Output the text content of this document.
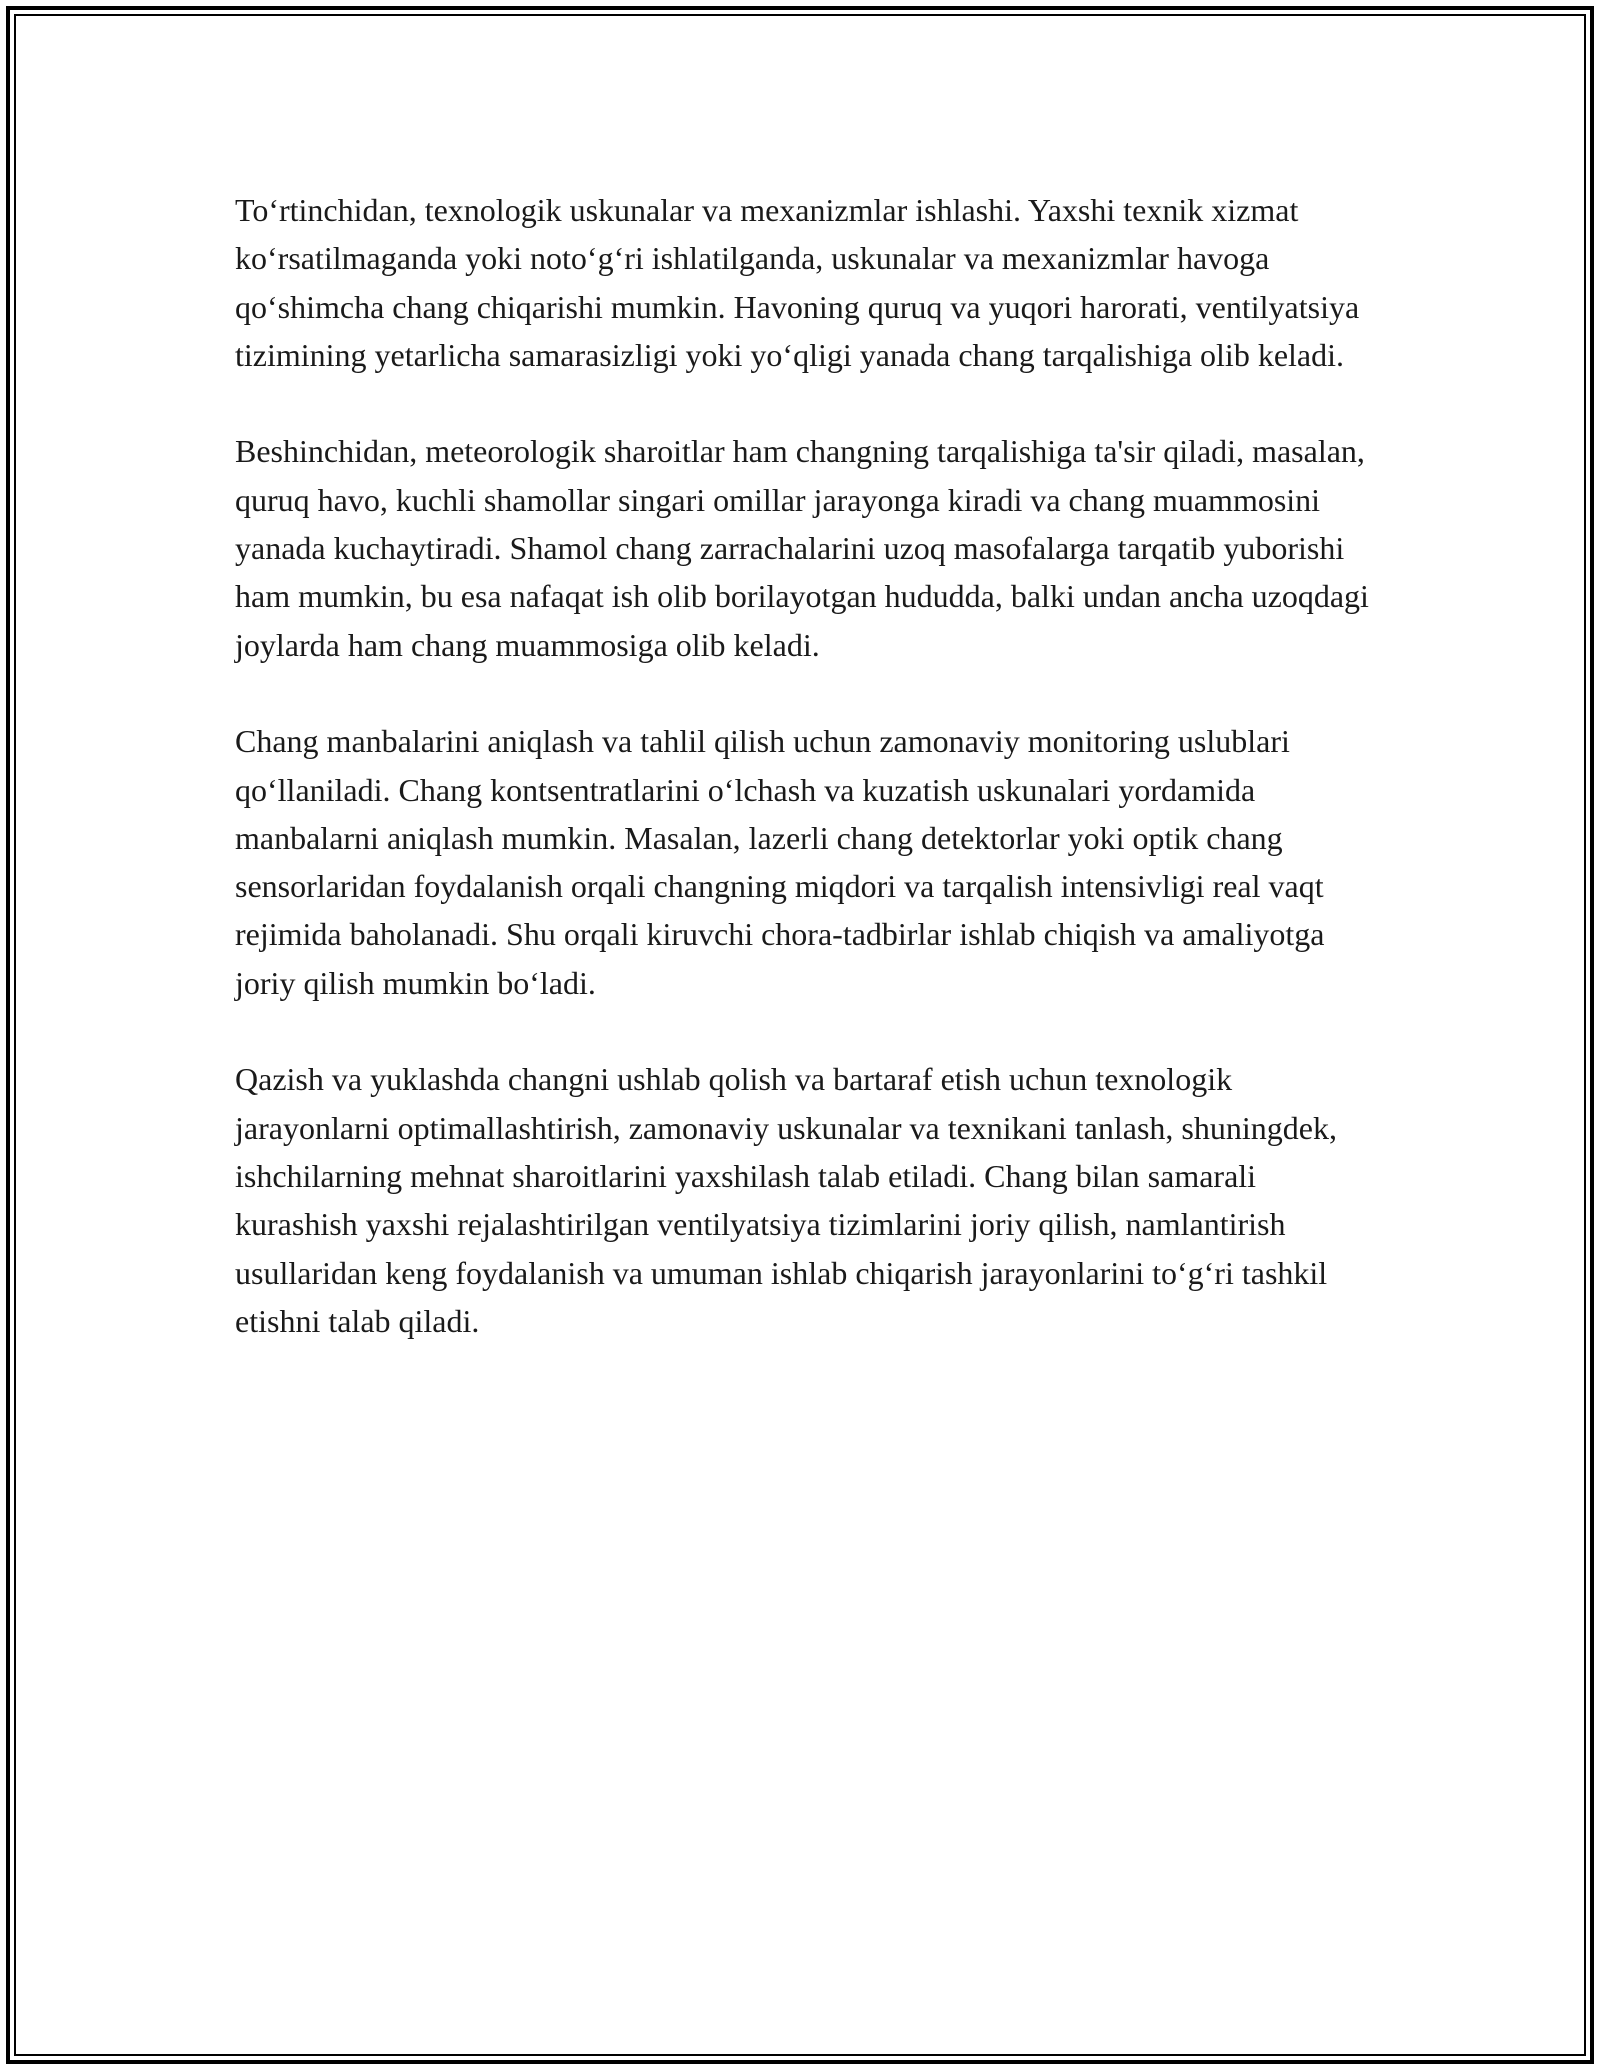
To‘rtinchidan, texnologik uskunalar va mexanizmlar ishlashi. Yaxshi texnik xizmat ko‘rsatilmaganda yoki noto‘g‘ri ishlatilganda, uskunalar va mexanizmlar havoga qo‘shimcha chang chiqarishi mumkin. Havoning quruq va yuqori harorati, ventilyatsiya tizimining yetarlicha samarasizligi yoki yo‘qligi yanada chang tarqalishiga olib keladi.

Beshinchidan, meteorologik sharoitlar ham changning tarqalishiga ta'sir qiladi, masalan, quruq havo, kuchli shamollar singari omillar jarayonga kiradi va chang muammosini yanada kuchaytiradi. Shamol chang zarrachalarini uzoq masofalarga tarqatib yuborishi ham mumkin, bu esa nafaqat ish olib borilayotgan hududda, balki undan ancha uzoqdagi joylarda ham chang muammosiga olib keladi.

Chang manbalarini aniqlash va tahlil qilish uchun zamonaviy monitoring uslublari qo‘llaniladi. Chang kontsentratlarini o‘lchash va kuzatish uskunalari yordamida manbalarni aniqlash mumkin. Masalan, lazerli chang detektorlar yoki optik chang sensorlaridan foydalanish orqali changning miqdori va tarqalish intensivligi real vaqt rejimida baholanadi. Shu orqali kiruvchi chora-tadbirlar ishlab chiqish va amaliyotga joriy qilish mumkin bo‘ladi.

Qazish va yuklashda changni ushlab qolish va bartaraf etish uchun texnologik jarayonlarni optimallashtirish, zamonaviy uskunalar va texnikani tanlash, shuningdek, ishchilarning mehnat sharoitlarini yaxshilash talab etiladi. Chang bilan samarali kurashish yaxshi rejalashtirilgan ventilyatsiya tizimlarini joriy qilish, namlantirish usullaridan keng foydalanish va umuman ishlab chiqarish jarayonlarini to‘g‘ri tashkil etishni talab qiladi.
